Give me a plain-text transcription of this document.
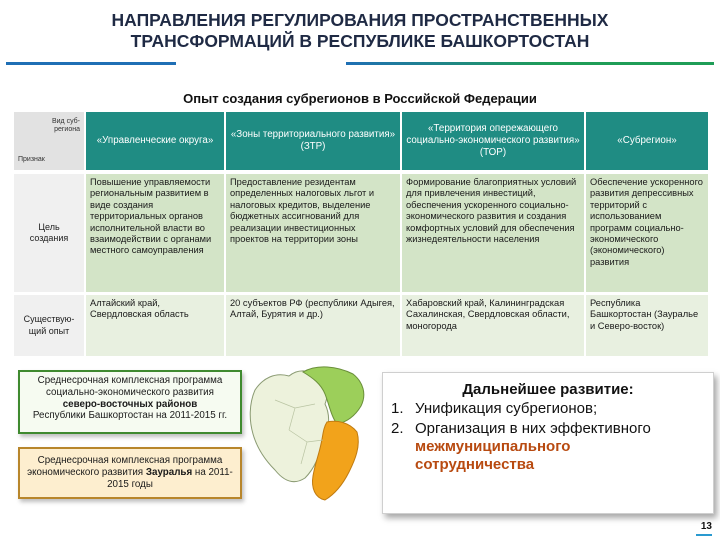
НАПРАВЛЕНИЯ РЕГУЛИРОВАНИЯ ПРОСТРАНСТВЕННЫХ
ТРАНСФОРМАЦИЙ В РЕСПУБЛИКЕ БАШКОРТОСТАН
Опыт создания субрегионов в Российской Федерации
Вид суб-
региона
Признак
«Управленческие округа»
«Зоны территориального развития» (ЗТР)
«Территория опережающего социально-экономического развития» (ТОР)
«Субрегион»
Цель создания
Повышение управляемости региональным развитием в виде создания территориальных органов исполнительной власти во взаимодействии с органами местного самоуправления
Предоставление резидентам определенных налоговых льгот и налоговых кредитов, выделение бюджетных ассигнований для реализации инвестиционных проектов на территории зоны
Формирование благоприятных условий для привлечения инвестиций, обеспечения ускоренного социально-экономического развития и создания комфортных условий для обеспечения жизнедеятельности населения
Обеспечение ускоренного развития депрессивных территорий с использованием программ социально-экономического (экономического) развития
Существую-щий опыт
Алтайский край, Свердловская область
20 субъектов РФ (республики Адыгея, Алтай, Бурятия и др.)
Хабаровский край, Калининградская Сахалинская, Свердловская области, моногорода
Республика Башкортостан (Зауралье и Северо-восток)
Среднесрочная комплексная программа социально-экономического развития
северо-восточных районов
Республики Башкортостан на 2011-2015 гг.
Среднесрочная комплексная программа экономического развития Зауралья на 2011-2015 годы
Дальнейшее развитие:
1. Унификация субрегионов;
2. Организация в них эффективного
межмуниципального
сотрудничества
13
